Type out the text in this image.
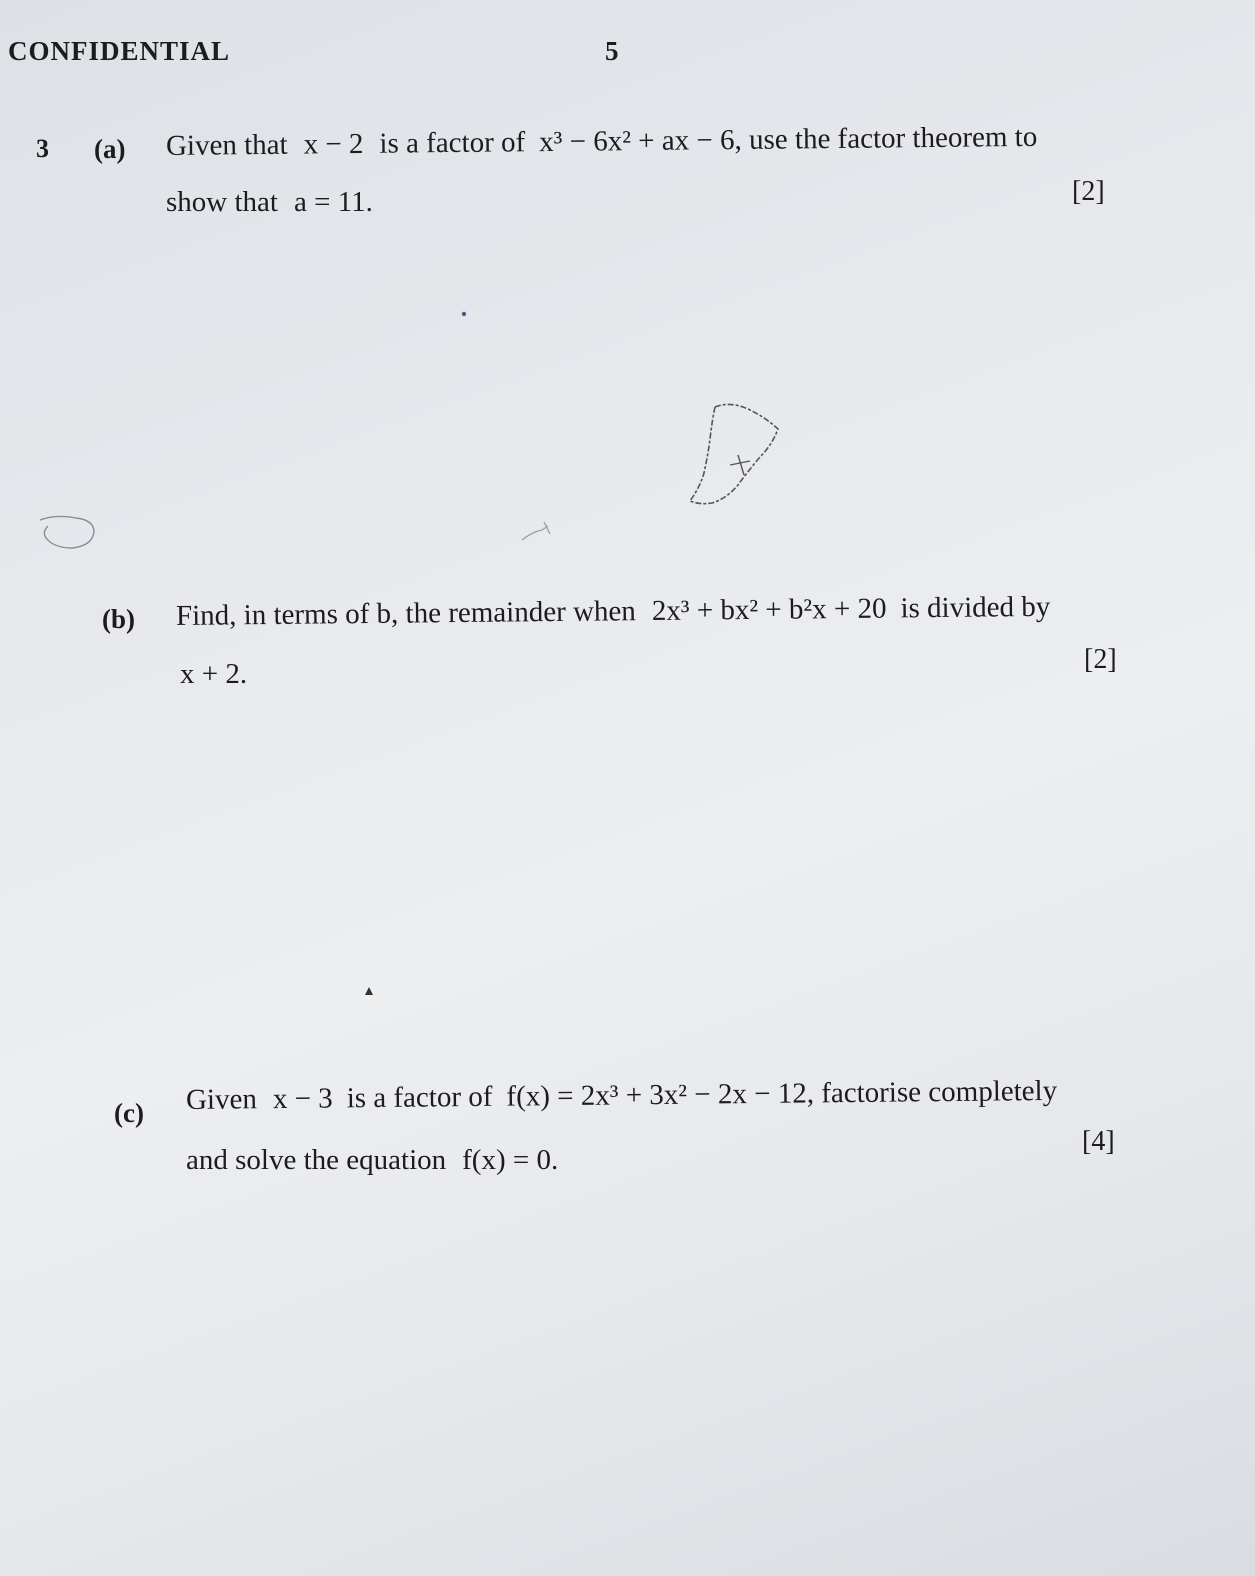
CONFIDENTIAL	5
3 (a) Given that x − 2 is a factor of x³ − 6x² + ax − 6, use the factor theorem to
show that a = 11.	[2]
(b) Find, in terms of b, the remainder when 2x³ + bx² + b²x + 20 is divided by
x + 2.	[2]
(c) Given x − 3 is a factor of f(x) = 2x³ + 3x² − 2x − 12, factorise completely
and solve the equation f(x) = 0.
[4]
